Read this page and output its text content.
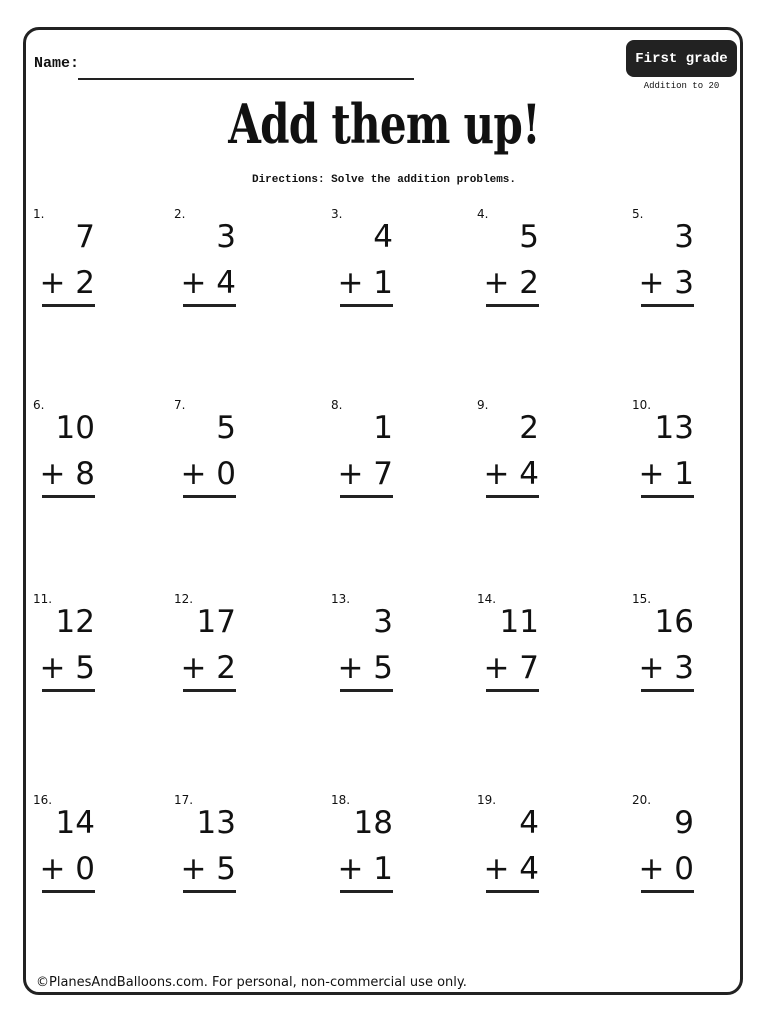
Name:	First grade
Addition to 20
Add them up!
Directions: Solve the addition problems.
1.
7
+ 2
2.
3
+ 4
3.
4
+ 1
4.
5
+ 2
5.
3
+ 3
6.
10
+ 8
7.
5
+ 0
8.
1
+ 7
9.
2
+ 4
10.
13
+ 1
11.
12
+ 5
12.
17
+ 2
13.
3
+ 5
14.
11
+ 7
15.
16
+ 3
16.
14
+ 0
17.
13
+ 5
18.
18
+ 1
19.
4
+ 4
20.
9
+ 0
©PlanesAndBalloons.com. For personal, non-commercial use only.
